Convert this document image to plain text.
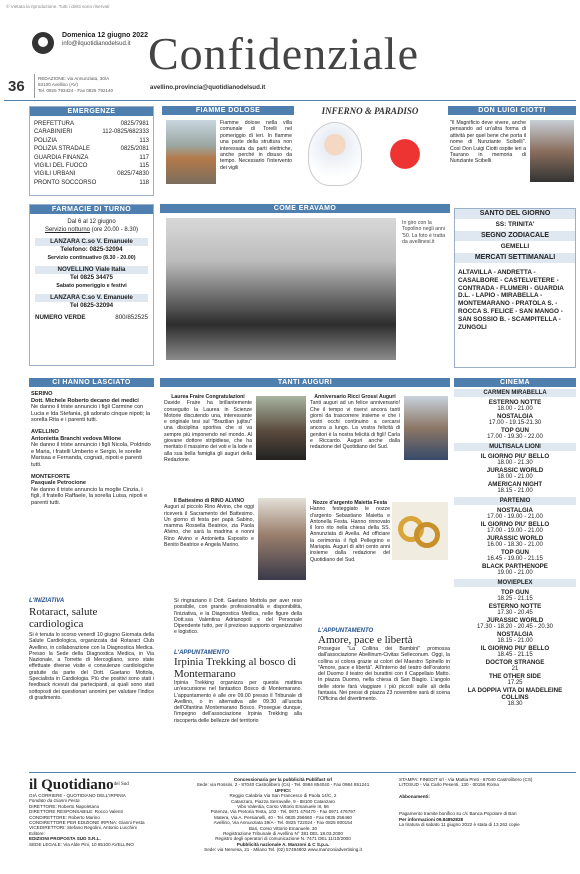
© Vietata la riproduzione. Tutti i diritti sono riservati
Domenica 12 giugno 2022
info@ilquotidianodelsud.it Confidenziale
36	REDAZIONE: via Annunziata, 30/A
83100 Avellino (AV)
Tel. 0825 793424 - Fax 0825 792140	avellino.provincia@quotidianodelsud.it
EMERGENZE
PREFETTURA	0825/7981
CARABINIERI	112-0825/682333
POLIZIA	113
POLIZIA STRADALE	0825/2081
GUARDIA FINANZA	117
VIGILI DEL FUOCO	115
VIGILI URBANI	0825/74830
PRONTO SOCCORSO	118
FIAMME DOLOSE
Fiamme dolose nella villa comunale di Torelli nel pomeriggio di ieri. In fiamme una parte della struttura non interessata da parti elettriche, anche perché in disuso da tempo. Necessario l'intervento dei vigili
INFERNO & PARADISO	DON LUIGI CIOTTI
"Il Magnificio deve vivere, anche pensando ad un'altra forma di attività per quel bene che porta il nome di Nunziante Scibelli". Così Don Luigi Ciotti ospite ieri a Taurano in memoria di Nunziante Scibelli
FARMACIE DI TURNO
Dal 6 al 12 giugno
Servizio notturno (ore 20.00 - 8.30)
LANZARA C.so V. Emanuele
Telefono: 0825-32094
Servizio continuativo (8.30 - 20.00)
NOVELLINO Viale Italia
Tel 0825 34475
Sabato pomeriggio e festivi
LANZARA C.so V. Emanuele
Tel 0825-32094
NUMERO VERDE	800/852525
COME ERAVAMO
In giro con la Topolino negli anni '50. La foto è tratta da avellinesi.it
SANTO DEL GIORNO
SS: TRINITA'
SEGNO ZODIACALE
GEMELLI
MERCATI SETTIMANALI
ALTAVILLA - ANDRETTA - CASALBORE - CASTELVETERE - CONTRADA - FLUMERI - GUARDIA D.L. - LAPIO - MIRABELLA - MONTEMARANO - PRATOLA S. - ROCCA S. FELICE - SAN MANGO - SAN SOSSIO B. - SCAMPITELLA - ZUNGOLI
CI HANNO LASCIATO
SERINO
Dott. Michele Roberto decano dei medici
Ne danno il triste annuncio i figli Carmine con Lucia e Ida Stefania, gli adorato cinque nipoti; la sorella Rita e i parenti tutti.
AVELLINO
Antonietta Branchi vedova Milone
Ne danno il triste annuncio i figli Nicola, Poldrido e Maria, i fratelli Umberto e Sergio, le sorelle Marisaa e Fernanda, cognati, nipoti e parenti tutti.
MONTEFORTE
Pasquale Petrocione
Ne danno il triste annuncio la moglie Cinzia, i figli, il fratello Raffaele, la sorella Luisa, nipoti e parenti tutti.
TANTI AUGURI
Laurea Fraire Congratulazioni
Davide Fraire ha brillantemente conseguito la Laurea in Scienze Motorie discutendo una, interessante e originale tesi sul "Brazilian jujitsu" una disciplina sportiva che si va sempre più imponendo nel mondo. Al giovane dottore stripidiese, che ha meritato il massimo dei voti e la lode e alla sua bella famiglia gli auguri della Redazione.
Anniversario Ricci Grossi Auguri
Tanti auguri ad un felice anniversario! Che il tempo vi riservi ancora tanti giorni da trascorrere insieme e che i vostri occhi continuino a cercarsi ancora a lungo. La vostra felicità di genitori è la nostra felicità di figli! Carla e Riccardo. Auguri anche dalla redazione del Quotidiano del Sud.
Il Battesimo di RINO ALVINO
Auguri al piccolo Rino Alvino, che oggi riceverà il Sacramento del Battesimo. Un giorno di festa per papà Sabino, mamma Rossella Beatrice, zia Paola Alvino, che sarà la madrina e nonni Rino Alvino e Antonietta Esposito e Benito Beatrice e Angela Marino.
Nozze d'argento Maietta Festa
Hanno festeggiato le nozze d'argento Sebastiano Maietta e Antonella Festa. Hanno rinnovato il loro rito nella chiesa della SS. Annunziata di Avella. Ad officiare la cerimonia il figli Pellegrino e Mariapia. Auguri di altri cento anni insieme dalla redazione del Quotidiano del Sud.
CINEMA
CARMEN MIRABELLA
ESTERNO NOTTE
18.00 - 21.00
NOSTALGIA
17.00 - 19.15-21.30
TOP GUN
17.00 - 19.30 - 22.00
MULTISALA LIONI
IL GIORNO PIU' BELLO
18.00 - 21.30
JURASSIC WORLD
18.00 - 21.00
AMERICAN NIGHT
18.15 - 21.00
PARTENIO
NOSTALGIA
17.00 - 19.00 - 21.00
IL GIORNO PIU' BELLO
17.00 - 19.00 - 21.00
JURASSIC WORLD
16.00 - 18.30 - 21.00
TOP GUN
16.45 - 19.00 - 21.15
BLACK PARTHENOPE
19.00 - 21.00
MOVIEPLEX
TOP GUN
18.25 - 21.15
ESTERNO NOTTE
17.30 - 20.45
JURASSIC WORLD
17.30 - 18.20 - 20.45 - 20.30
NOSTALGIA
18.15 - 21.00
IL GIORNO PIU' BELLO
18.45 - 21.15
DOCTOR STRANGE
21
THE OTHER SIDE
17.25
LA DOPPIA VITA DI MADELEINE COLLINS
18.30
L'INIZIATIVA
Rotaract, salute cardiologica
Si è tenuta lo scorso venerdì 10 giugno Giornata della Salute Cardiologica, organizzata dal Rotaract Club Avellino, in collaborazione con la Diagnostica Medica. Presso la Sede della Diagnostica Medica, in Via Nazionale, a Torrette di Mercogliano, sono state effettuate diverse visite e consulenze cardiologiche gratuite da parte del Dott. Gaetano Mottola, Specialista in Cardiologia. Più che positivi sono stati i feedback ricevuti dai partecipanti, ai quali sono stati sottoposti dei questionari anonimi per valutare l'indice di gradimento.
Si ringraziano il Dott. Gaetano Mottola per aver reso possibile, con grande professionalità e disponibilità, l'iniziativa, e la Diagnostica Medica, nelle figure della Dott.ssa Valentina Adrianopoli e del Personale Dipendente tutto, per il prezioso supporto organizzativo e logistico.
L'APPUNTAMENTO
Irpinia Trekking al bosco di Montemarano
Irpinia Trekking organizza per questa mattina un'escursione nel fantastico Bosco di Montemarano. L'appuntamento è alle ore 09.00 presso il Tribunale di Avellino, o in alternativa alle 09.30 all'uscita dell'Ofantina Montemarano Bosco. Prosegue dunque, l'impegno dell'associazione Irpinia Trekking alla riscoperta delle bellezze del territorio
L'APPUNTAMENTO
Amore, pace e libertà
Prosegue "La Collina dei Bambini" promossa dall'associazione Abellinum-Civitas Selleconum. Oggi, la collina si colora grazie ai colori del Maestro Spinello in "Amore, pace e libertà". All'interno del teatro dell'oratorio del Duomo il teatro dei burattini con il Cappellaio Matto. In piazza Duomo, nella chiesa di San Biagio. L'angolo delle storie farà viaggiare i più piccoli sulle ali della fantasia. Nei pressi di piazza 23 novembre sarà di scena l'Officina del divertimento.
il Quotidiano$^{del Sud}$
GIÀ CORRIERE - QUOTIDIANO DELL'IRPINIA
Fondato da Gianni Festa
DIRETTORE: Roberto Napoletano
DIRETTORE RESPONSABILE: Rocco Valenti
CONDIRETTORE: Roberto Marino
CONDIRETTORE PER EDIZIONE IRPINA: Gianni Festa
VICEDIRETTORI: Stefano Regolini, Antonio Lucchini
Editore:
EDIZIONI PROPOSTA SUD S.R.L.
SEDE LEGALE: Via Alde Pini, 10 85100 AVELLINO
Concessionaria per la pubblicità Publifast srl
Sede: via Rossini, 2 - 87040 Castrolibero (Cs) - Tel. 0984 854040 - Fax 0984 851241
UFFICI:
Reggio Calabria Via San Francesco di Paola 14/C, 2
Catanzaro, Piazza Serravalle, 9 - 88100 Catanzaro
Vibo Valentia, Corso Vittorio Emanuele III, 56
Potenza, Via Pretoria Testa, 102 - Tel. 0971 476470 - Fax 0971 476797
Matera, Via A. Persianelli, 40 - Tel. 0835 256660 - Fax 0835 256460
Avellino, Via Annunziata 39/A - Tel. 0825 722024 - Fax 0825 800154
Bari, Corso Vittorio Emanuele, 30
Registrazione Tribunale di Avellino N° 381 DEL 18.03.2000
Registro degli operatori di comunicazione N. 7471 DEL 11/10/2000
Pubblicità nazionale A. Manzoni & C S.p.a.
Sede: via Nervesa, 21 - Milano Tel. (02) 57494802 www.manzoniadvertising.it
STAMPA: FINEDIT srl - Via Mattia Preti - 87040 Castrolibero (CS)
LITOSUD - Via Carlo Pesenti, 130 - 00156 Roma
Abbonamenti:
Pagamento tramite bonifico su c/c Banca Popolare di Bari
Per informazioni 09.84852828
La tiratura di sabato 11 giugno 2022 è stata di 13.262 copie
